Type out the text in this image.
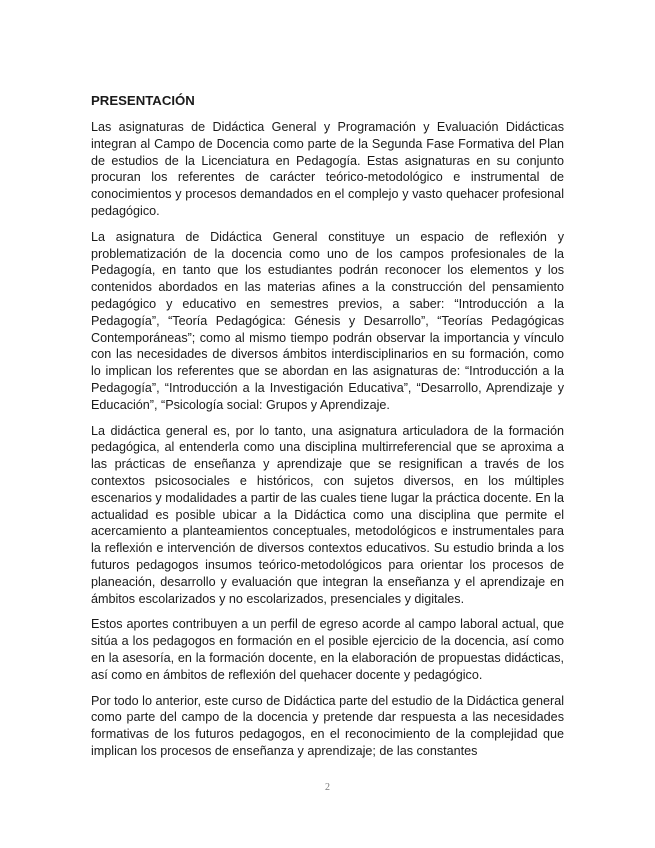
PRESENTACIÓN

Las asignaturas de Didáctica General y Programación y Evaluación Didácticas integran al Campo de Docencia como parte de la Segunda Fase Formativa del Plan de estudios de la Licenciatura en Pedagogía. Estas asignaturas en su conjunto procuran los referentes de carácter teórico-metodológico e instrumental de conocimientos y procesos demandados en el complejo y vasto quehacer profesional pedagógico.

La asignatura de Didáctica General constituye un espacio de reflexión y problematización de la docencia como uno de los campos profesionales de la Pedagogía, en tanto que los estudiantes podrán reconocer los elementos y los contenidos abordados en las materias afines a la construcción del pensamiento pedagógico y educativo en semestres previos, a saber: “Introducción a la Pedagogía”, “Teoría Pedagógica: Génesis y Desarrollo”, “Teorías Pedagógicas Contemporáneas”; como al mismo tiempo podrán observar la importancia y vínculo con las necesidades de diversos ámbitos interdisciplinarios en su formación, como lo implican los referentes que se abordan en las asignaturas de: “Introducción a la Pedagogía”, “Introducción a la Investigación Educativa”, “Desarrollo, Aprendizaje y Educación”, “Psicología social: Grupos y Aprendizaje.

La didáctica general es, por lo tanto, una asignatura articuladora de la formación pedagógica, al entenderla como una disciplina multirreferencial que se aproxima a las prácticas de enseñanza y aprendizaje que se resignifican a través de los contextos psicosociales e históricos, con sujetos diversos, en los múltiples escenarios y modalidades a partir de las cuales tiene lugar la práctica docente. En la actualidad es posible ubicar a la Didáctica como una disciplina que permite el acercamiento a planteamientos conceptuales, metodológicos e instrumentales para la reflexión e intervención de diversos contextos educativos. Su estudio brinda a los futuros pedagogos insumos teórico-metodológicos para orientar los procesos de planeación, desarrollo y evaluación que integran la enseñanza y el aprendizaje en ámbitos escolarizados y no escolarizados, presenciales y digitales.

Estos aportes contribuyen a un perfil de egreso acorde al campo laboral actual, que sitúa a los pedagogos en formación en el posible ejercicio de la docencia, así como en la asesoría, en la formación docente, en la elaboración de propuestas didácticas, así como en ámbitos de reflexión del quehacer docente y pedagógico.

Por todo lo anterior, este curso de Didáctica parte del estudio de la Didáctica general como parte del campo de la docencia y pretende dar respuesta a las necesidades formativas de los futuros pedagogos, en el reconocimiento de la complejidad que implican los procesos de enseñanza y aprendizaje; de las constantes

2
